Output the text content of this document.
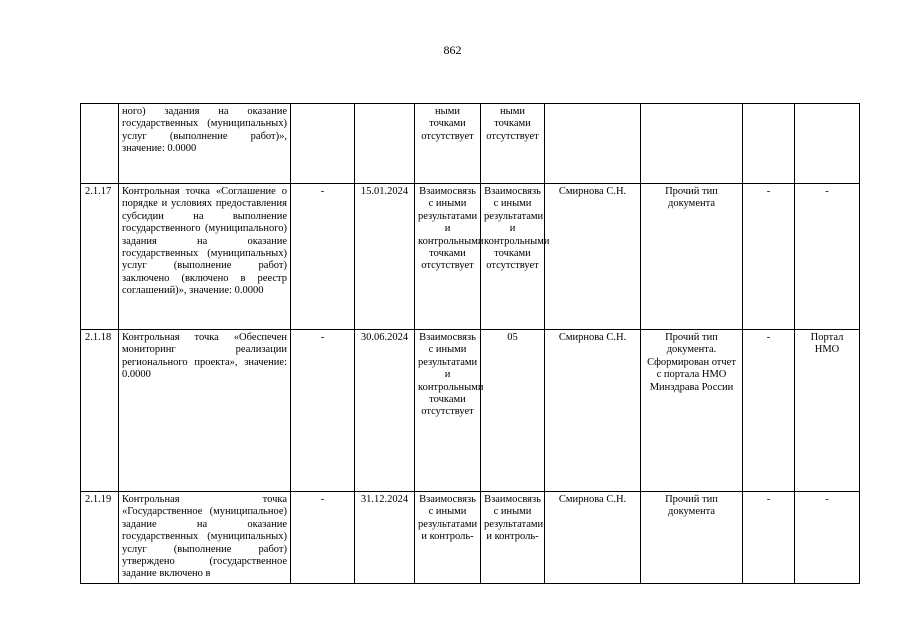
862
	ного) задания на оказание государственных (муниципальных) услуг (выполнение работ)», значение: 0.0000			ными точками отсутствует	ными точками отсутствует				
2.1.17	Контрольная точка «Соглашение о порядке и условиях предоставления субсидии на выполнение государственного (муниципального) задания на оказание государственных (муниципальных) услуг (выполнение работ) заключено (включено в реестр соглашений)», значение: 0.0000	-	15.01.2024	Взаимосвязь с иными результатами и контрольными точками отсутствует	Взаимосвязь с иными результатами и контрольными точками отсутствует	Смирнова С.Н.	Прочий тип документа	-	-
2.1.18	Контрольная точка «Обеспечен мониторинг реализации регионального проекта», значение: 0.0000	-	30.06.2024	Взаимосвязь с иными результатами и контрольными точками отсутствует	05	Смирнова С.Н.	Прочий тип документа. Сформирован отчет с портала НМО Минздрава России	-	Портал НМО
2.1.19	Контрольная точка «Государственное (муниципальное) задание на оказание государственных (муниципальных) услуг (выполнение работ) утверждено (государственное задание включено в	-	31.12.2024	Взаимосвязь с иными результатами и контроль-	Взаимосвязь с иными результатами и контроль-	Смирнова С.Н.	Прочий тип документа	-	-
